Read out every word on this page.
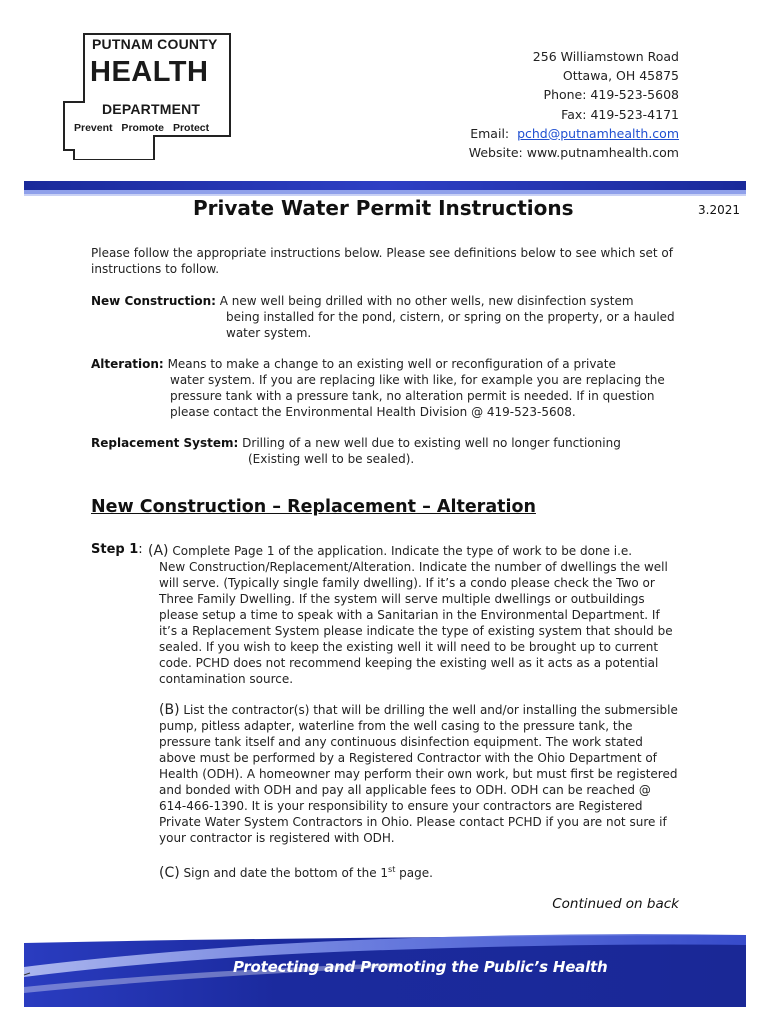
PUTNAM COUNTY
HEALTH
DEPARTMENT
Prevent Promote Protect
256 Williamstown Road
Ottawa, OH 45875
Phone: 419-523-5608
Fax: 419-523-4171
Email:  pchd@putnamhealth.com
Website: www.putnamhealth.com
Private Water Permit Instructions	3.2021
Please follow the appropriate instructions below. Please see definitions below to see which set of instructions to follow.
New Construction: A new well being drilled with no other wells, new disinfection system
being installed for the pond, cistern, or spring on the property, or a hauled water system.
Alteration: Means to make a change to an existing well or reconfiguration of a private
water system. If you are replacing like with like, for example you are replacing the pressure tank with a pressure tank, no alteration permit is needed. If in question please contact the Environmental Health Division @ 419-523-5608.
Replacement System: Drilling of a new well due to existing well no longer functioning
(Existing well to be sealed).
New Construction – Replacement – Alteration
Step 1: (A) Complete Page 1 of the application. Indicate the type of work to be done i.e.
New Construction/Replacement/Alteration. Indicate the number of dwellings the well will serve. (Typically single family dwelling). If it’s a condo please check the Two or Three Family Dwelling. If the system will serve multiple dwellings or outbuildings please setup a time to speak with a Sanitarian in the Environmental Department. If it’s a Replacement System please indicate the type of existing system that should be sealed. If you wish to keep the existing well it will need to be brought up to current code. PCHD does not recommend keeping the existing well as it acts as a potential contamination source.
(B) List the contractor(s) that will be drilling the well and/or installing the submersible pump, pitless adapter, waterline from the well casing to the pressure tank, the pressure tank itself and any continuous disinfection equipment. The work stated above must be performed by a Registered Contractor with the Ohio Department of Health (ODH). A homeowner may perform their own work, but must first be registered and bonded with ODH and pay all applicable fees to ODH. ODH can be reached @ 614-466-1390. It is your responsibility to ensure your contractors are Registered Private Water System Contractors in Ohio. Please contact PCHD if you are not sure if your contractor is registered with ODH.
(C) Sign and date the bottom of the 1st page.
Continued on back
Protecting and Promoting the Public’s Health
